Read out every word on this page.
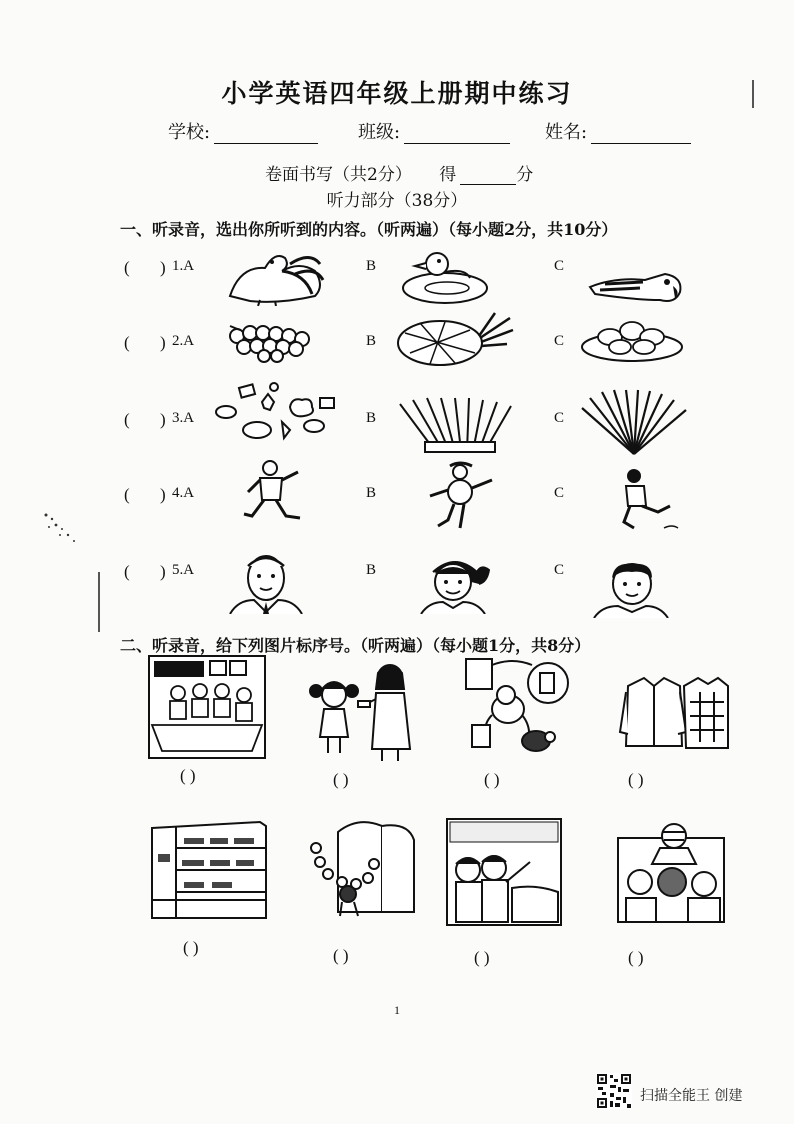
小学英语四年级上册期中练习
学校:	班级:	姓名:
卷面书写（共2分） 得	分
听力部分（38分）
一、听录音，选出你所听到的内容。（听两遍）（每小题2分，共10分）
( ) 1.A	B	C
( ) 2.A	B	C
( ) 3.A	B	C
( ) 4.A	B	C
( ) 5.A	B	C
二、听录音，给下列图片标序号。（听两遍）（每小题1分，共8分）
( )	( )	( )	( )
( )	( )	( )	( )
1
扫描全能王 创建
